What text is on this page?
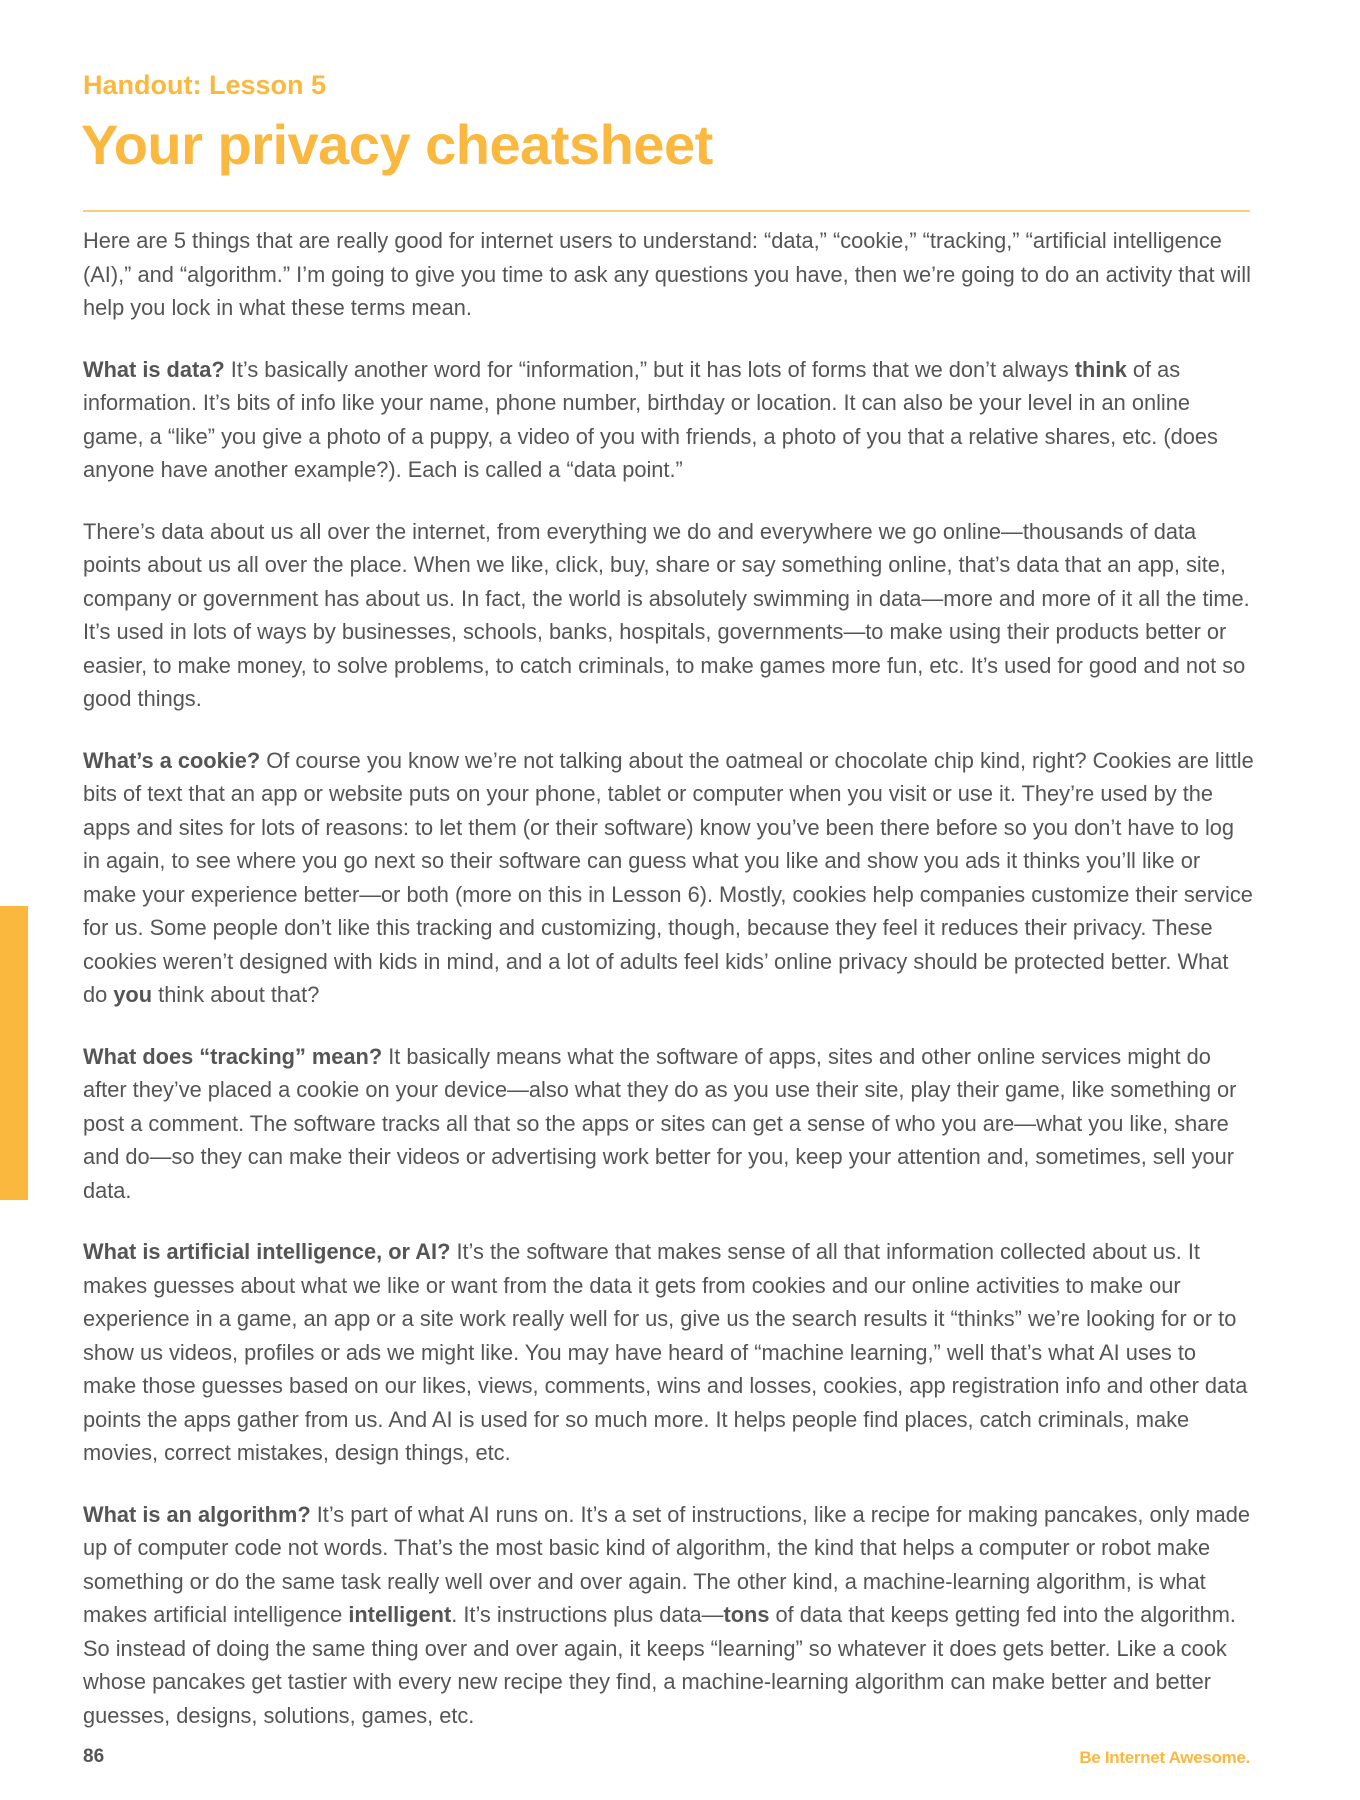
Handout: Lesson 5
Your privacy cheatsheet

Here are 5 things that are really good for internet users to understand: “data,” “cookie,” “tracking,” “artificial intelligence (AI),” and “algorithm.” I’m going to give you time to ask any questions you have, then we’re going to do an activity that will help you lock in what these terms mean.

What is data? It’s basically another word for “information,” but it has lots of forms that we don’t always think of as information. It’s bits of info like your name, phone number, birthday or location. It can also be your level in an online game, a “like” you give a photo of a puppy, a video of you with friends, a photo of you that a relative shares, etc. (does anyone have another example?). Each is called a “data point.”

There’s data about us all over the internet, from everything we do and everywhere we go online—thousands of data points about us all over the place. When we like, click, buy, share or say something online, that’s data that an app, site, company or government has about us. In fact, the world is absolutely swimming in data—more and more of it all the time. It’s used in lots of ways by businesses, schools, banks, hospitals, governments—to make using their products better or easier, to make money, to solve problems, to catch criminals, to make games more fun, etc. It’s used for good and not so good things.

What’s a cookie? Of course you know we’re not talking about the oatmeal or chocolate chip kind, right? Cookies are little bits of text that an app or website puts on your phone, tablet or computer when you visit or use it. They’re used by the apps and sites for lots of reasons: to let them (or their software) know you’ve been there before so you don’t have to log in again, to see where you go next so their software can guess what you like and show you ads it thinks you’ll like or make your experience better—or both (more on this in Lesson 6). Mostly, cookies help companies customize their service for us. Some people don’t like this tracking and customizing, though, because they feel it reduces their privacy. These cookies weren’t designed with kids in mind, and a lot of adults feel kids’ online privacy should be protected better. What do you think about that?

What does “tracking” mean? It basically means what the software of apps, sites and other online services might do after they’ve placed a cookie on your device—also what they do as you use their site, play their game, like something or post a comment. The software tracks all that so the apps or sites can get a sense of who you are—what you like, share and do—so they can make their videos or advertising work better for you, keep your attention and, sometimes, sell your data.

What is artificial intelligence, or AI? It’s the software that makes sense of all that information collected about us. It makes guesses about what we like or want from the data it gets from cookies and our online activities to make our experience in a game, an app or a site work really well for us, give us the search results it “thinks” we’re looking for or to show us videos, profiles or ads we might like. You may have heard of “machine learning,” well that’s what AI uses to make those guesses based on our likes, views, comments, wins and losses, cookies, app registration info and other data points the apps gather from us. And AI is used for so much more. It helps people find places, catch criminals, make movies, correct mistakes, design things, etc.

What is an algorithm? It’s part of what AI runs on. It’s a set of instructions, like a recipe for making pancakes, only made up of computer code not words. That’s the most basic kind of algorithm, the kind that helps a computer or robot make something or do the same task really well over and over again. The other kind, a machine-learning algorithm, is what makes artificial intelligence intelligent. It’s instructions plus data—tons of data that keeps getting fed into the algorithm. So instead of doing the same thing over and over again, it keeps “learning” so whatever it does gets better. Like a cook whose pancakes get tastier with every new recipe they find, a machine-learning algorithm can make better and better guesses, designs, solutions, games, etc.

86	Be Internet Awesome.
